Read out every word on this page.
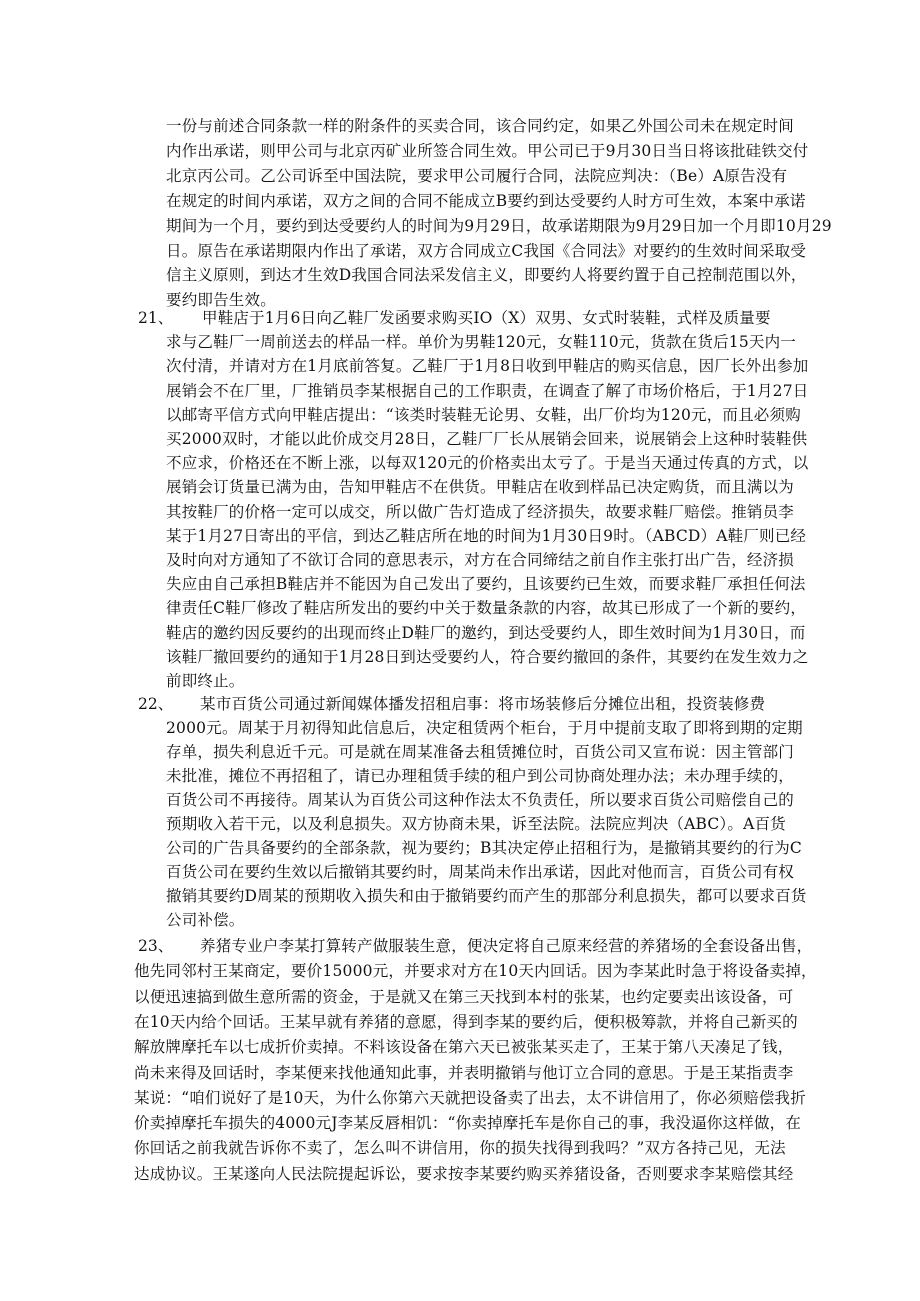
一份与前述合同条款一样的附条件的买卖合同，该合同约定，如果乙外国公司未在规定时间
内作出承诺，则甲公司与北京丙矿业所签合同生效。甲公司已于9月30日当日将该批硅铁交付
北京丙公司。乙公司诉至中国法院，要求甲公司履行合同，法院应判决：（Be）A原告没有
在规定的时间内承诺，双方之间的合同不能成立B要约到达受要约人时方可生效，本案中承诺
期间为一个月，要约到达受要约人的时间为9月29日，故承诺期限为9月29日加一个月即10月29
日。原告在承诺期限内作出了承诺，双方合同成立C我国《合同法》对要约的生效时间采取受
信主义原则，到达才生效D我国合同法采发信主义，即要约人将要约置于自己控制范围以外，
要约即告生效。
21、 甲鞋店于1月6日向乙鞋厂发函要求购买IO（X）双男、女式时装鞋，式样及质量要
求与乙鞋厂一周前送去的样品一样。单价为男鞋120元，女鞋110元，货款在货后15天内一
次付清，并请对方在1月底前答复。乙鞋厂于1月8日收到甲鞋店的购买信息，因厂长外出参加
展销会不在厂里，厂推销员李某根据自己的工作职责，在调查了解了市场价格后，于1月27日
以邮寄平信方式向甲鞋店提出：“该类时装鞋无论男、女鞋，出厂价均为120元，而且必须购
买2000双时，才能以此价成交月28日，乙鞋厂厂长从展销会回来，说展销会上这种时装鞋供
不应求，价格还在不断上涨，以每双120元的价格卖出太亏了。于是当天通过传真的方式，以
展销会订货量已满为由，告知甲鞋店不在供货。甲鞋店在收到样品已决定购货，而且满以为
其按鞋厂的价格一定可以成交，所以做广告灯造成了经济损失，故要求鞋厂赔偿。推销员李
某于1月27日寄出的平信，到达乙鞋店所在地的时间为1月30日9时。（ABCD）A鞋厂则已经
及时向对方通知了不欲订合同的意思表示，对方在合同缔结之前自作主张打出广告，经济损
失应由自己承担B鞋店并不能因为自己发出了要约，且该要约已生效，而要求鞋厂承担任何法
律责任C鞋厂修改了鞋店所发出的要约中关于数量条款的内容，故其已形成了一个新的要约，
鞋店的邀约因反要约的出现而终止D鞋厂的邀约，到达受要约人，即生效时间为1月30日，而
该鞋厂撤回要约的通知于1月28日到达受要约人，符合要约撤回的条件，其要约在发生效力之
前即终止。
22、 某市百货公司通过新闻媒体播发招租启事：将市场装修后分摊位出租，投资装修费
2000元。周某于月初得知此信息后，决定租赁两个柜台，于月中提前支取了即将到期的定期
存单，损失利息近千元。可是就在周某准备去租赁摊位时，百货公司又宣布说：因主管部门
未批准，摊位不再招租了，请已办理租赁手续的租户到公司协商处理办法；未办理手续的，
百货公司不再接待。周某认为百货公司这种作法太不负责任，所以要求百货公司赔偿自己的
预期收入若干元，以及利息损失。双方协商未果，诉至法院。法院应判决（ABC）。A百货
公司的广告具备要约的全部条款，视为要约；B其决定停止招租行为，是撤销其要约的行为C
百货公司在要约生效以后撤销其要约时，周某尚未作出承诺，因此对他而言，百货公司有权
撤销其要约D周某的预期收入损失和由于撤销要约而产生的那部分利息损失，都可以要求百货
公司补偿。
23、 养猪专业户李某打算转产做服装生意，便决定将自己原来经营的养猪场的全套设备出售，
他先同邻村王某商定，要价15000元，并要求对方在10天内回话。因为李某此时急于将设备卖掉，
以便迅速搞到做生意所需的资金，于是就又在第三天找到本村的张某，也约定要卖出该设备，可
在10天内给个回话。王某早就有养猪的意愿，得到李某的要约后，便积极筹款，并将自己新买的
解放牌摩托车以七成折价卖掉。不料该设备在第六天已被张某买走了，王某于第八天凑足了钱，
尚未来得及回话时，李某便来找他通知此事，并表明撤销与他订立合同的意思。于是王某指责李
某说：“咱们说好了是10天，为什么你第六天就把设备卖了出去，太不讲信用了，你必须赔偿我折
价卖掉摩托车损失的4000元J李某反唇相饥：“你卖掉摩托车是你自己的事，我没逼你这样做，在
你回话之前我就告诉你不卖了，怎么叫不讲信用，你的损失找得到我吗？”双方各持己见，无法
达成协议。王某遂向人民法院提起诉讼，要求按李某要约购买养猪设备，否则要求李某赔偿其经
